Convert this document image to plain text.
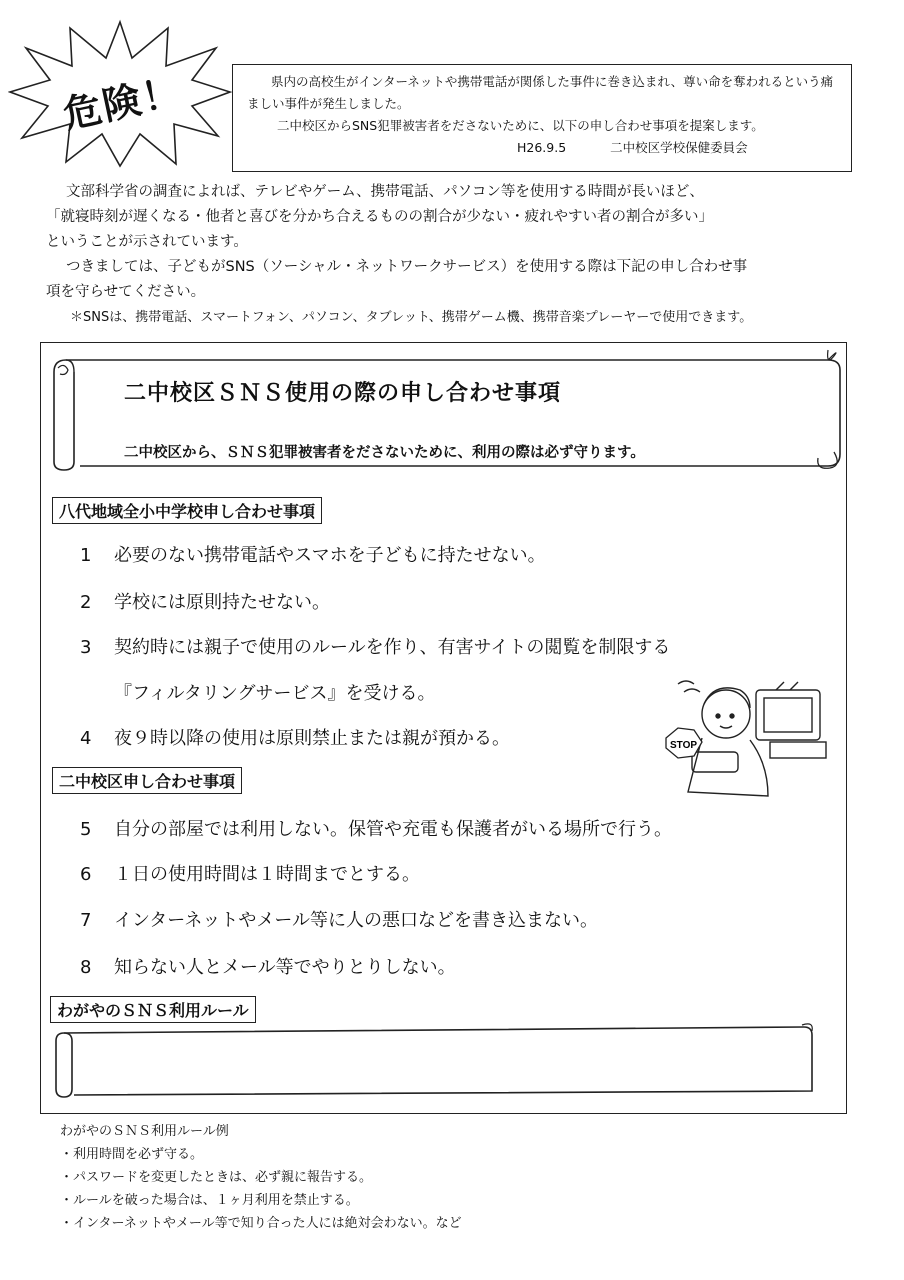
危険！	県内の高校生がインターネットや携帯電話が関係した事件に巻き込まれ、尊い命を奪われるという痛ましい事件が発生しました。

二中校区からSNS犯罪被害者をださないために、以下の申し合わせ事項を提案します。

H26.9.5	二中校区学校保健委員会

文部科学省の調査によれば、テレビやゲーム、携帯電話、パソコン等を使用する時間が長いほど、

「就寝時刻が遅くなる・他者と喜びを分かち合えるものの割合が少ない・疲れやすい者の割合が多い」

ということが示されています。

つきましては、子どもがSNS（ソーシャル・ネットワークサービス）を使用する際は下記の申し合わせ事

項を守らせてください。

＊SNSは、携帯電話、スマートフォン、パソコン、タブレット、携帯ゲーム機、携帯音楽プレーヤーで使用できます。

二中校区ＳＮＳ使用の際の申し合わせ事項
二中校区から、ＳＮＳ犯罪被害者をださないために、利用の際は必ず守ります。
八代地域全小中学校申し合わせ事項
1 必要のない携帯電話やスマホを子どもに持たせない。
2 学校には原則持たせない。
3 契約時には親子で使用のルールを作り、有害サイトの閲覧を制限する
『フィルタリングサービス』を受ける。
4 夜９時以降の使用は原則禁止または親が預かる。	STOP
二中校区申し合わせ事項
5 自分の部屋では利用しない。保管や充電も保護者がいる場所で行う。
6 １日の使用時間は１時間までとする。
7 インターネットやメール等に人の悪口などを書き込まない。
8 知らない人とメール等でやりとりしない。
わがやのＳＮＳ利用ルール
わがやのＳＮＳ利用ルール例
・利用時間を必ず守る。
・パスワードを変更したときは、必ず親に報告する。
・ルールを破った場合は、１ヶ月利用を禁止する。
・インターネットやメール等で知り合った人には絶対会わない。など
